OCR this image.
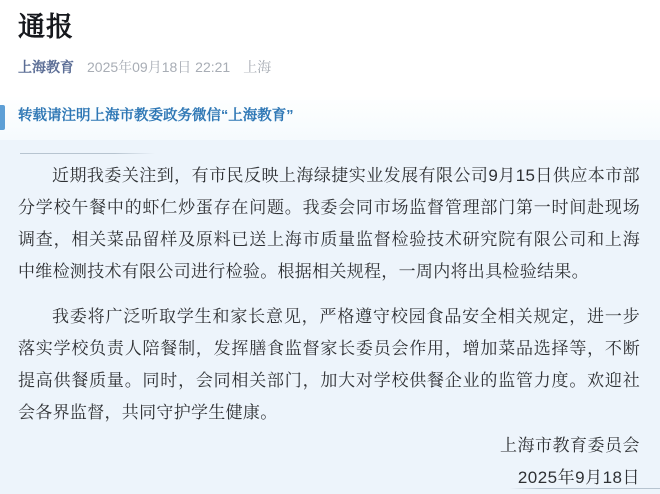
通报
上海教育 2025年09月18日 22:21 上海
转载请注明上海市教委政务微信“上海教育”

近期我委关注到，有市民反映上海绿捷实业发展有限公司9月15日供应本市部分学校午餐中的虾仁炒蛋存在问题。我委会同市场监督管理部门第一时间赴现场调查，相关菜品留样及原料已送上海市质量监督检验技术研究院有限公司和上海中维检测技术有限公司进行检验。根据相关规程，一周内将出具检验结果。

我委将广泛听取学生和家长意见，严格遵守校园食品安全相关规定，进一步落实学校负责人陪餐制，发挥膳食监督家长委员会作用，增加菜品选择等，不断提高供餐质量。同时，会同相关部门，加大对学校供餐企业的监管力度。欢迎社会各界监督，共同守护学生健康。

上海市教育委员会
2025年9月18日
